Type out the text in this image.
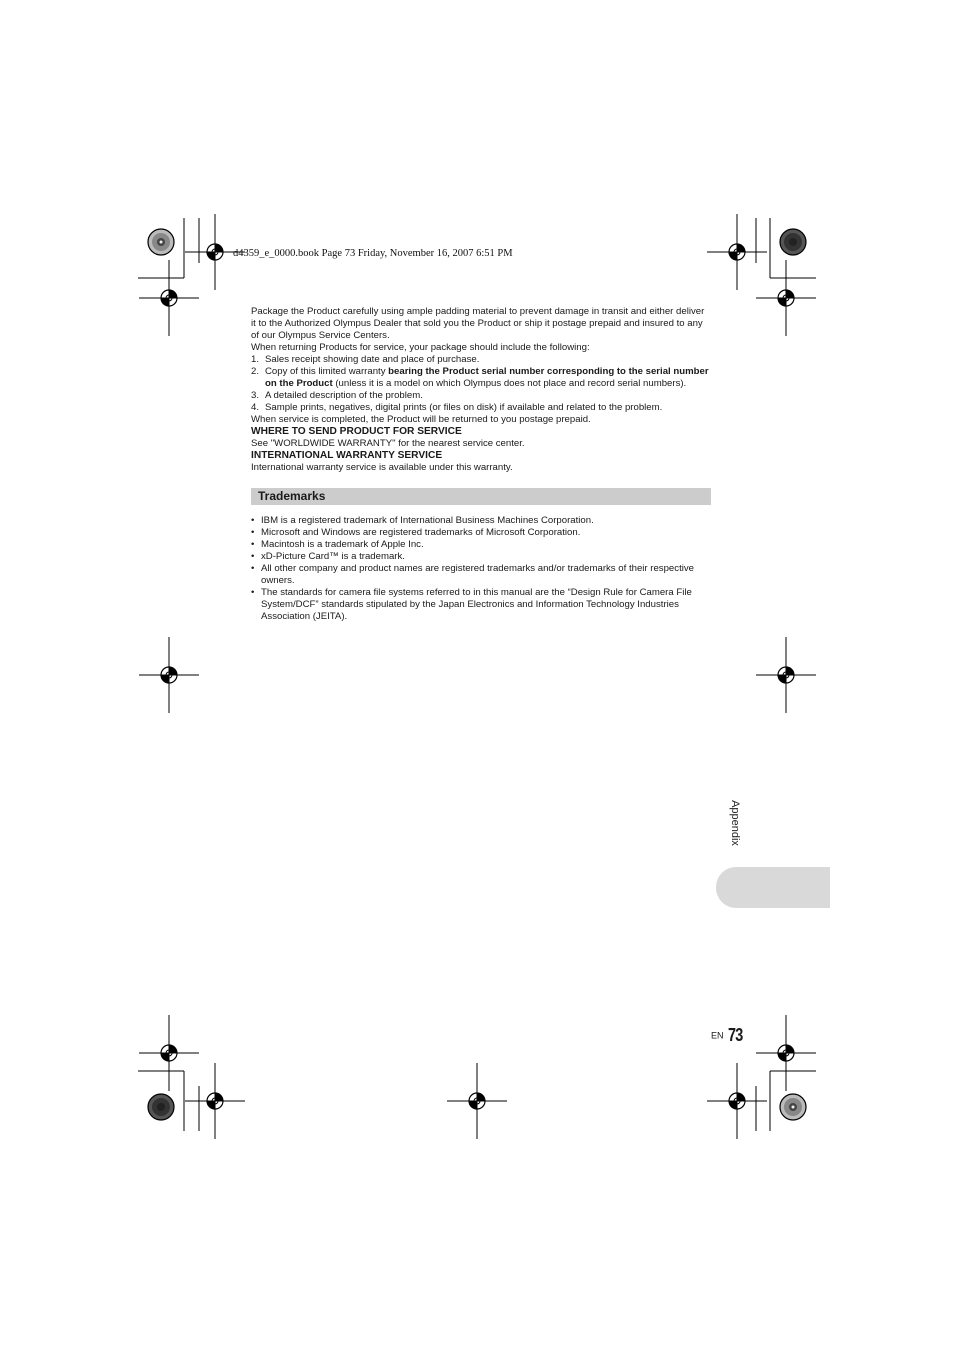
d4359_e_0000.book Page 73 Friday, November 16, 2007 6:51 PM

Package the Product carefully using ample padding material to prevent damage in transit and either deliver it to the Authorized Olympus Dealer that sold you the Product or ship it postage prepaid and insured to any of our Olympus Service Centers.

When returning Products for service, your package should include the following:

1. Sales receipt showing date and place of purchase.
2. Copy of this limited warranty bearing the Product serial number corresponding to the serial number on the Product (unless it is a model on which Olympus does not place and record serial numbers).
3. A detailed description of the problem.
4. Sample prints, negatives, digital prints (or files on disk) if available and related to the problem.

When service is completed, the Product will be returned to you postage prepaid.

WHERE TO SEND PRODUCT FOR SERVICE

See "WORLDWIDE WARRANTY" for the nearest service center.

INTERNATIONAL WARRANTY SERVICE

International warranty service is available under this warranty.

Trademarks
• IBM is a registered trademark of International Business Machines Corporation.
• Microsoft and Windows are registered trademarks of Microsoft Corporation.
• Macintosh is a trademark of Apple Inc.
• xD-Picture Card™ is a trademark.
• All other company and product names are registered trademarks and/or trademarks of their respective owners.
• The standards for camera file systems referred to in this manual are the “Design Rule for Camera File System/DCF” standards stipulated by the Japan Electronics and Information Technology Industries Association (JEITA).
Appendix
EN 73
